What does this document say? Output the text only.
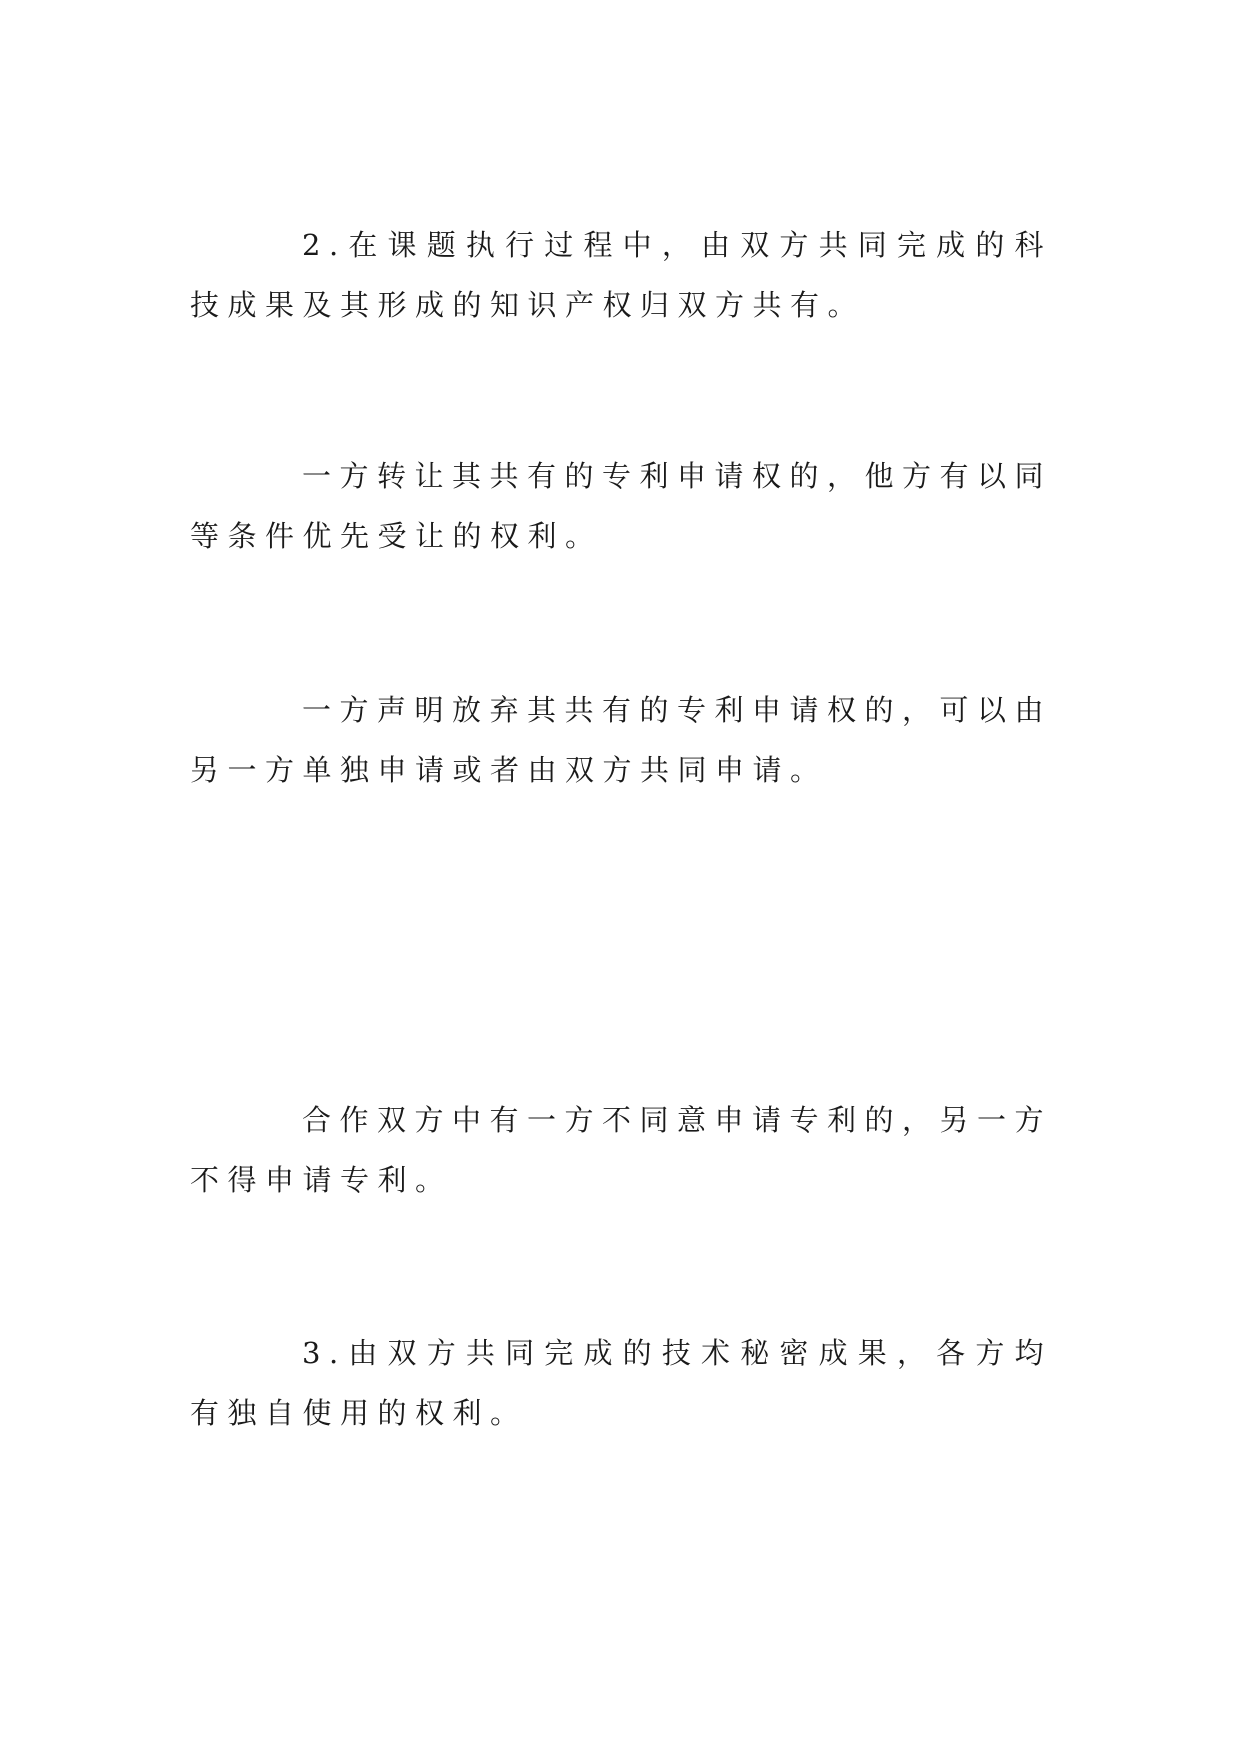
2.在课题执行过程中，由双方共同完成的科技成果及其形成的知识产权归双方共有。

一方转让其共有的专利申请权的，他方有以同等条件优先受让的权利。

一方声明放弃其共有的专利申请权的，可以由另一方单独申请或者由双方共同申请。

合作双方中有一方不同意申请专利的，另一方不得申请专利。

3.由双方共同完成的技术秘密成果，各方均有独自使用的权利。
